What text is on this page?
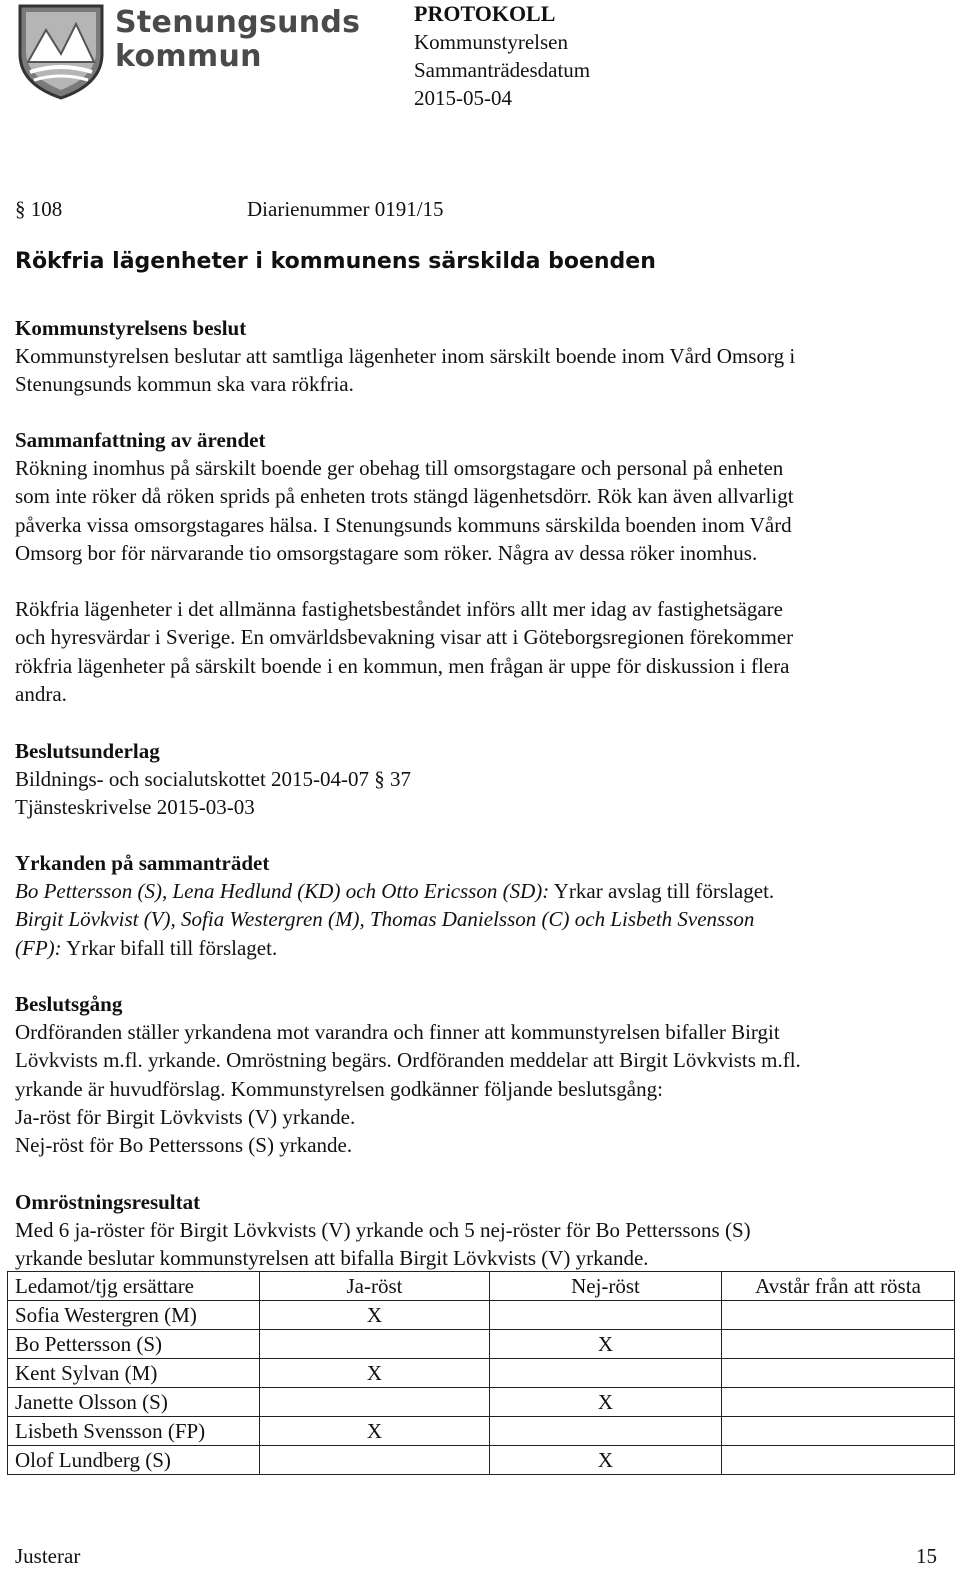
Stenungsunds
kommun
PROTOKOLL
Kommunstyrelsen
Sammanträdesdatum
2015-05-04
§ 108	Diarienummer 0191/15
Rökfria lägenheter i kommunens särskilda boenden
Kommunstyrelsens beslut
Kommunstyrelsen beslutar att samtliga lägenheter inom särskilt boende inom Vård Omsorg i
Stenungsunds kommun ska vara rökfria.
Sammanfattning av ärendet
Rökning inomhus på särskilt boende ger obehag till omsorgstagare och personal på enheten
som inte röker då röken sprids på enheten trots stängd lägenhetsdörr. Rök kan även allvarligt
påverka vissa omsorgstagares hälsa. I Stenungsunds kommuns särskilda boenden inom Vård
Omsorg bor för närvarande tio omsorgstagare som röker. Några av dessa röker inomhus.
Rökfria lägenheter i det allmänna fastighetsbeståndet införs allt mer idag av fastighetsägare
och hyresvärdar i Sverige. En omvärldsbevakning visar att i Göteborgsregionen förekommer
rökfria lägenheter på särskilt boende i en kommun, men frågan är uppe för diskussion i flera
andra.
Beslutsunderlag
Bildnings- och socialutskottet 2015-04-07 § 37
Tjänsteskrivelse 2015-03-03
Yrkanden på sammanträdet
Bo Pettersson (S), Lena Hedlund (KD) och Otto Ericsson (SD): Yrkar avslag till förslaget.
Birgit Lövkvist (V), Sofia Westergren (M), Thomas Danielsson (C) och Lisbeth Svensson
(FP): Yrkar bifall till förslaget.
Beslutsgång
Ordföranden ställer yrkandena mot varandra och finner att kommunstyrelsen bifaller Birgit
Lövkvists m.fl. yrkande. Omröstning begärs. Ordföranden meddelar att Birgit Lövkvists m.fl.
yrkande är huvudförslag. Kommunstyrelsen godkänner följande beslutsgång:
Ja-röst för Birgit Lövkvists (V) yrkande.
Nej-röst för Bo Petterssons (S) yrkande.
Omröstningsresultat
Med 6 ja-röster för Birgit Lövkvists (V) yrkande och 5 nej-röster för Bo Petterssons (S)
yrkande beslutar kommunstyrelsen att bifalla Birgit Lövkvists (V) yrkande.
Ledamot/tjg ersättare	Ja-röst	Nej-röst	Avstår från att rösta
Sofia Westergren (M)	X		
Bo Pettersson (S)		X	
Kent Sylvan (M)	X		
Janette Olsson (S)		X	
Lisbeth Svensson (FP)	X		
Olof Lundberg (S)		X	
Justerar	15
